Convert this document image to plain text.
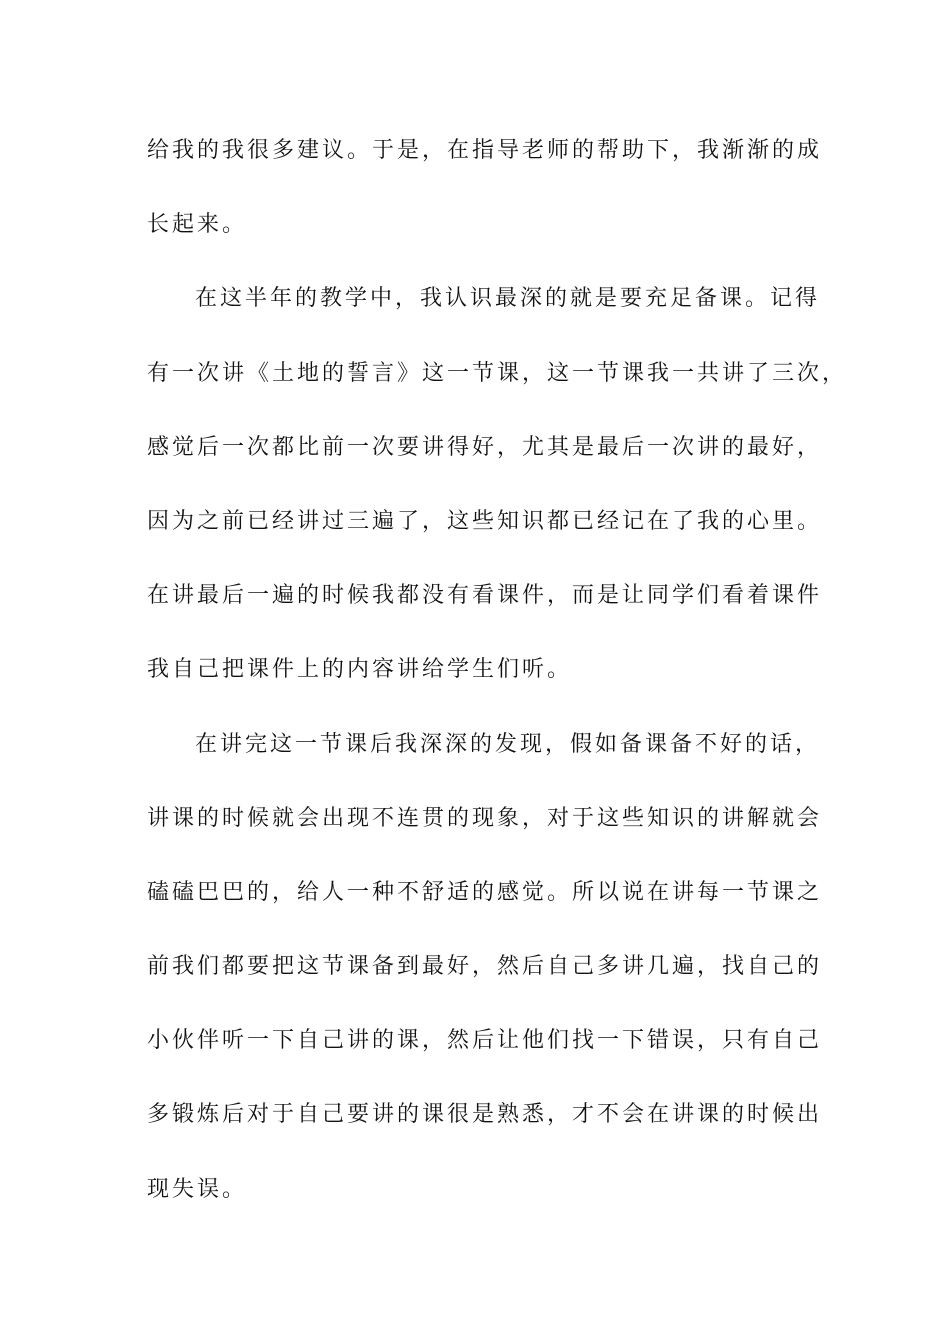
给我的我很多建议。于是，在指导老师的帮助下，我渐渐的成
长起来。
在这半年的教学中，我认识最深的就是要充足备课。记得
有一次讲《土地的誓言》这一节课，这一节课我一共讲了三次，
感觉后一次都比前一次要讲得好，尤其是最后一次讲的最好，
因为之前已经讲过三遍了，这些知识都已经记在了我的心里。
在讲最后一遍的时候我都没有看课件，而是让同学们看着课件
我自己把课件上的内容讲给学生们听。
在讲完这一节课后我深深的发现，假如备课备不好的话，
讲课的时候就会出现不连贯的现象，对于这些知识的讲解就会
磕磕巴巴的，给人一种不舒适的感觉。所以说在讲每一节课之
前我们都要把这节课备到最好，然后自己多讲几遍，找自己的
小伙伴听一下自己讲的课，然后让他们找一下错误，只有自己
多锻炼后对于自己要讲的课很是熟悉，才不会在讲课的时候出
现失误。
